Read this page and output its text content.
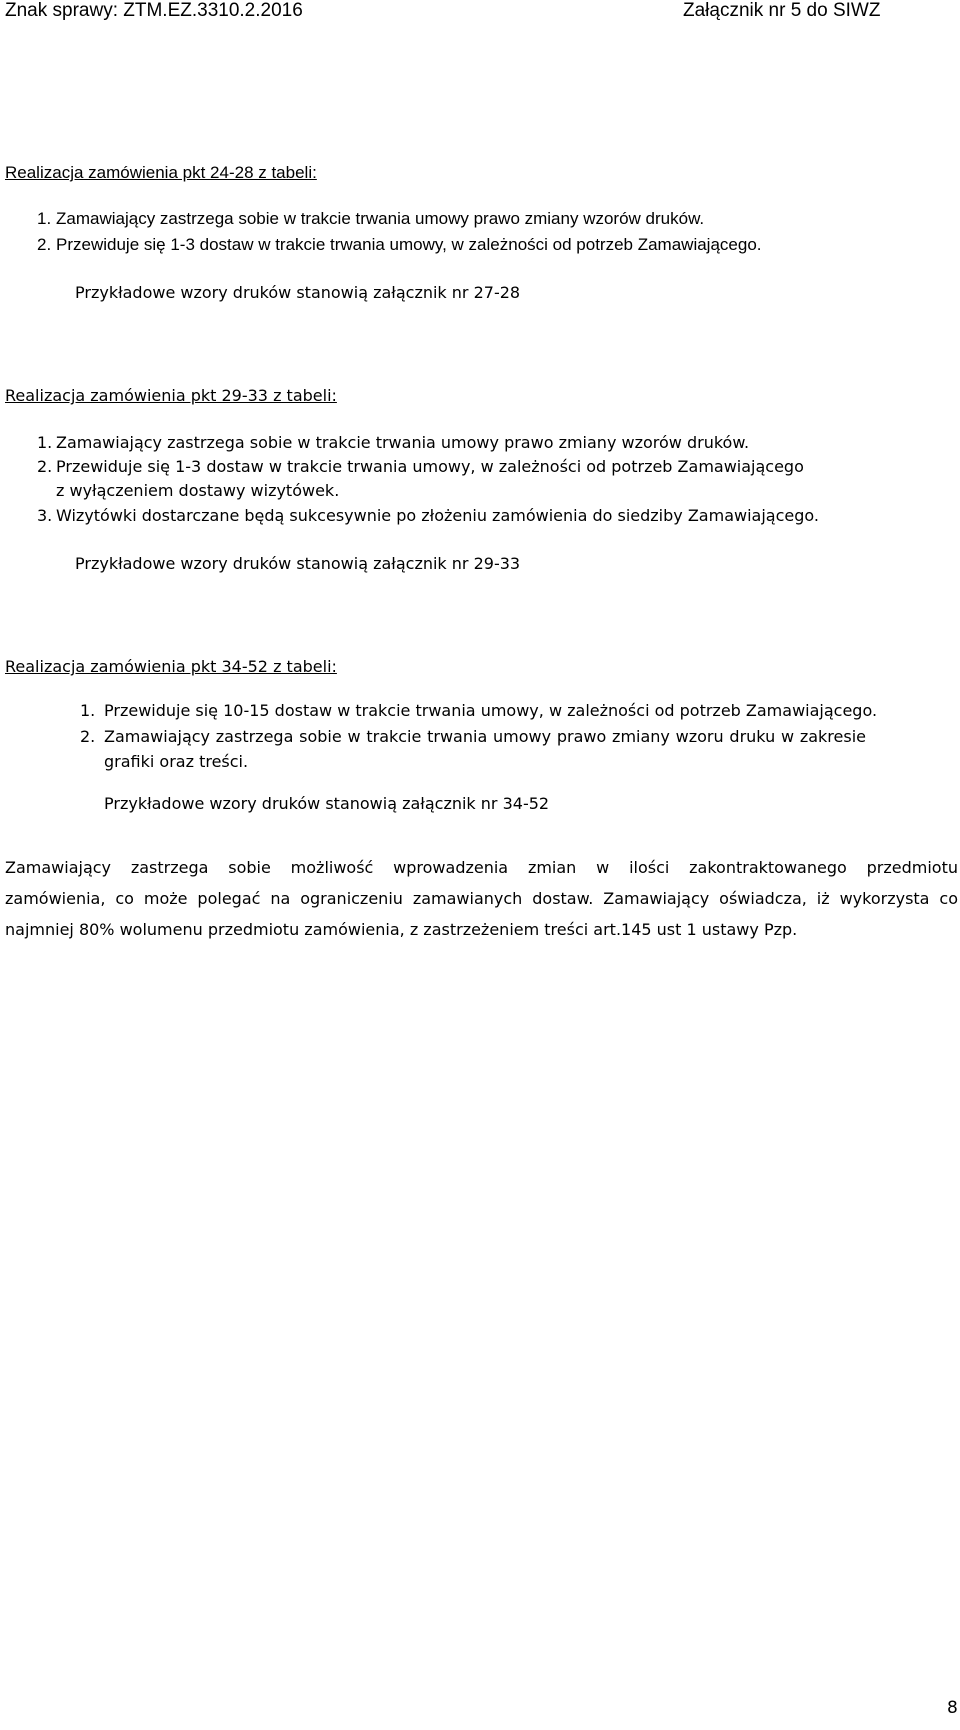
Znak sprawy: ZTM.EZ.3310.2.2016	Załącznik nr 5 do SIWZ
Realizacja zamówienia pkt 24-28 z tabeli:
1. Zamawiający zastrzega sobie w trakcie trwania umowy prawo zmiany wzorów druków.
2. Przewiduje się 1-3 dostaw w trakcie trwania umowy, w zależności od potrzeb Zamawiającego.
Przykładowe wzory druków stanowią załącznik nr 27-28
Realizacja zamówienia pkt 29-33 z tabeli:
1. Zamawiający zastrzega sobie w trakcie trwania umowy prawo zmiany wzorów druków.
2. Przewiduje się 1-3 dostaw w trakcie trwania umowy, w zależności od potrzeb Zamawiającego
z wyłączeniem dostawy wizytówek.
3. Wizytówki dostarczane będą sukcesywnie po złożeniu zamówienia do siedziby Zamawiającego.
Przykładowe wzory druków stanowią załącznik nr 29-33
Realizacja zamówienia pkt 34-52 z tabeli:
1. Przewiduje się 10-15 dostaw w trakcie trwania umowy, w zależności od potrzeb Zamawiającego.
2. Zamawiający zastrzega sobie w trakcie trwania umowy prawo zmiany wzoru druku w zakresie
grafiki oraz treści.
Przykładowe wzory druków stanowią załącznik nr 34-52
Zamawiający zastrzega sobie możliwość wprowadzenia zmian w ilości zakontraktowanego przedmiotu
zamówienia, co może polegać na ograniczeniu zamawianych dostaw. Zamawiający oświadcza, iż wykorzysta co
najmniej 80% wolumenu przedmiotu zamówienia, z zastrzeżeniem treści art.145 ust 1 ustawy Pzp.
8
